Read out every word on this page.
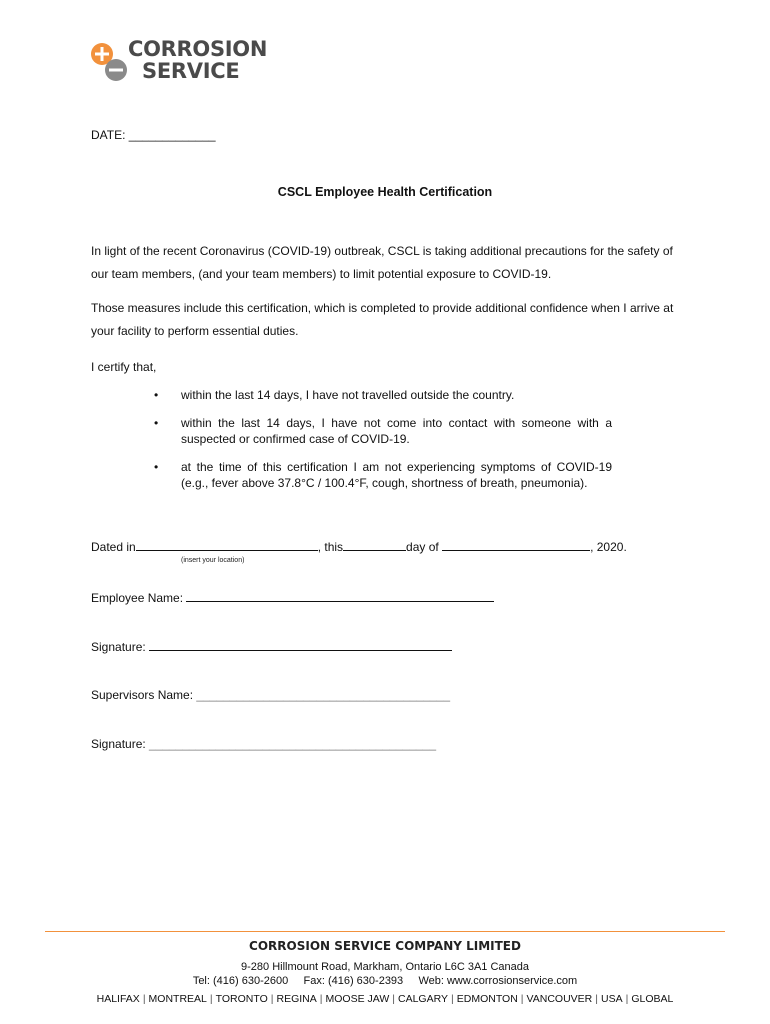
CORROSION
SERVICE
DATE: _____________
CSCL Employee Health Certification
In light of the recent Coronavirus (COVID-19) outbreak, CSCL is taking additional precautions for the safety of our team members, (and your team members) to limit potential exposure to COVID-19.
Those measures include this certification, which is completed to provide additional confidence when I arrive at your facility to perform essential duties.
I certify that,
• within the last 14 days, I have not travelled outside the country.
• within the last 14 days, I have not come into contact with someone with a suspected or confirmed case of COVID-19.
• at the time of this certification I am not experiencing symptoms of COVID-19 (e.g., fever above 37.8°C / 100.4°F, cough, shortness of breath, pneumonia).
Dated in	, this	day of	, 2020.
(insert your location)
Employee Name:
Signature:
Supervisors Name: ______________________________________
Signature: ___________________________________________
CORROSION SERVICE COMPANY LIMITED
9-280 Hillmount Road, Markham, Ontario L6C 3A1 Canada
Tel: (416) 630-2600 Fax: (416) 630-2393 Web: www.corrosionservice.com
HALIFAX | MONTREAL | TORONTO | REGINA | MOOSE JAW | CALGARY | EDMONTON | VANCOUVER | USA | GLOBAL
